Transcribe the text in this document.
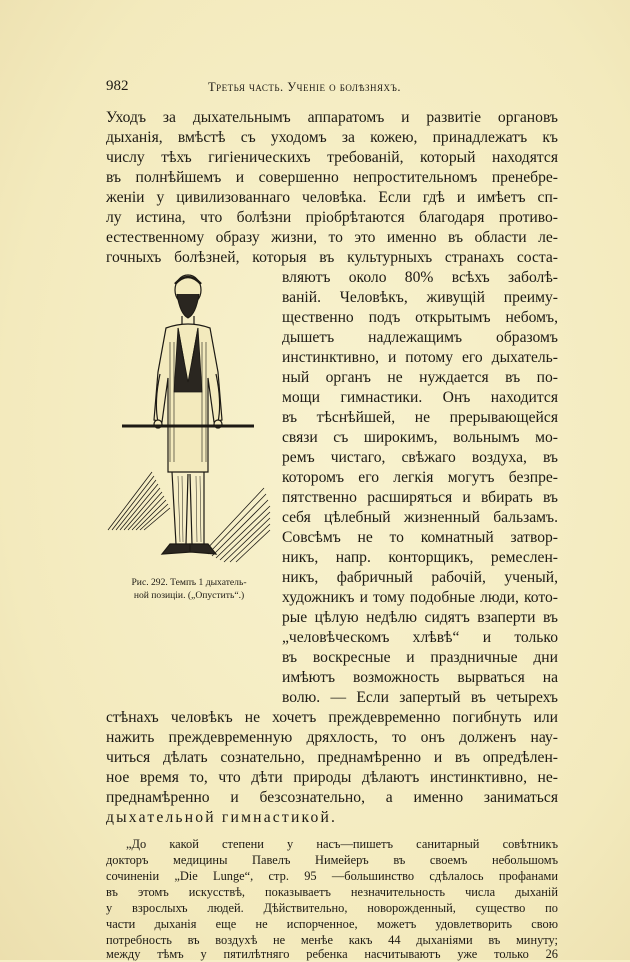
982	Третья часть. Ученіе о болѣзняхъ.
Уходъ за дыхательнымъ аппаратомъ и развитіе органовъ
дыханія, вмѣстѣ съ уходомъ за кожею, принадлежатъ къ
числу тѣхъ гигіеническихъ требованій, который находятся
въ полнѣйшемъ и совершенно непростительномъ пренебре-
женіи у цивилизованнаго человѣка. Если гдѣ и имѣетъ сп-
лу истина, что болѣзни пріобрѣтаются благодаря противо-
естественному образу жизни, то это именно въ области ле-
гочныхъ болѣзней, которыя въ культурныхъ странахъ соста-
Рис. 292. Темпъ 1 дыхатель-
ной позиціи. („Опустить“.)
вляютъ около 80% всѣхъ заболѣ-
ваній. Человѣкъ, живущій преиму-
щественно подъ открытымъ небомъ,
дышетъ надлежащимъ образомъ
инстинктивно, и потому его дыхатель-
ный органъ не нуждается въ по-
мощи гимнастики. Онъ находится
въ тѣснѣйшей, не прерывающейся
связи съ широкимъ, вольнымъ мо-
ремъ чистаго, свѣжаго воздуха, въ
которомъ его легкія могутъ безпре-
пятственно расширяться и вбирать въ
себя цѣлебный жизненный бальзамъ.
Совсѣмъ не то комнатный затвор-
никъ, напр. конторщикъ, ремеслен-
никъ, фабричный рабочій, ученый,
художникъ и тому подобные люди, кото-
рые цѣлую недѣлю сидятъ взаперти въ
„человѣческомъ хлѣвѣ“ и только
въ воскресные и праздничные дни
имѣютъ возможность вырваться на
волю. — Если запертый въ четырехъ
стѣнахъ человѣкъ не хочетъ преждевременно погибнуть или
нажить преждевременную дряхлость, то онъ долженъ нау-
читься дѣлать сознательно, преднамѣренно и въ опредѣлен-
ное время то, что дѣти природы дѣлаютъ инстинктивно, не-
преднамѣренно и безсознательно, а именно заниматься
дыхательной гимнастикой.
„До какой степени у насъ—пишетъ санитарный совѣтникъ
докторъ медицины Павелъ Нимейеръ въ своемъ небольшомъ
сочиненіи „Die Lunge“, стр. 95 —большинство сдѣлалось профанами
въ этомъ искусствѣ, показываетъ незначительность числа дыханій
у взрослыхъ людей. Дѣйствительно, новорожденный, существо по
части дыханія еще не испорченное, можетъ удовлетворить свою
потребность въ воздухѣ не менѣе какъ 44 дыханіями въ минуту;
между тѣмъ у пятилѣтняго ребенка насчитываютъ уже только 26
